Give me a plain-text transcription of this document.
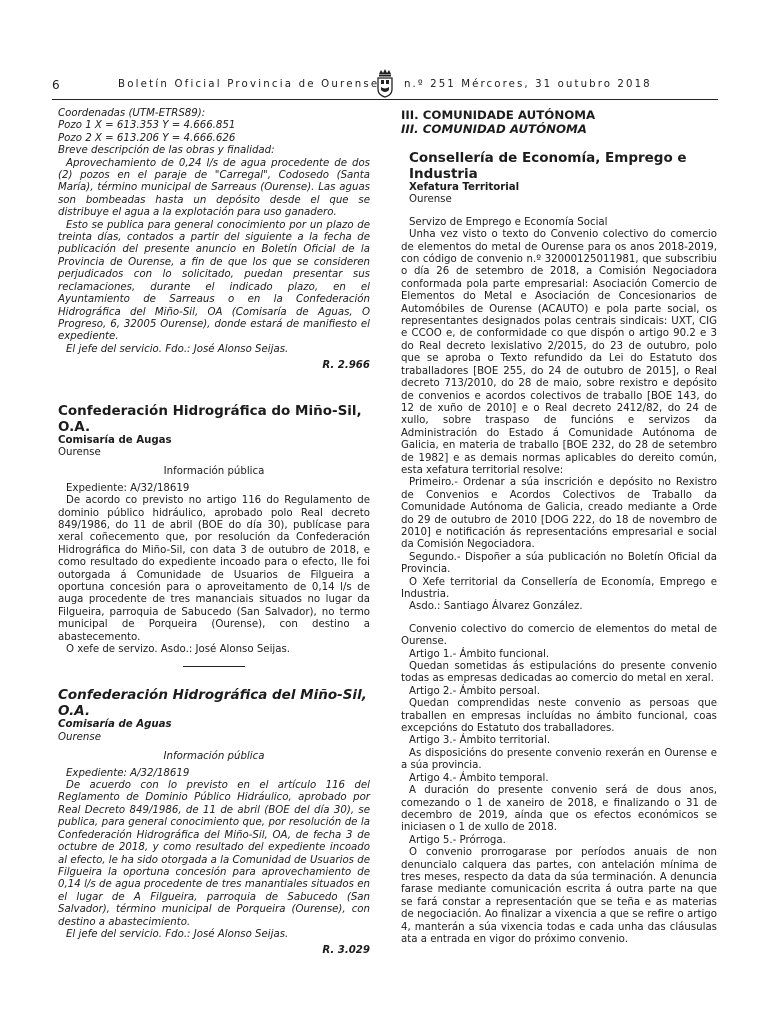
6	Boletín Oficial Provincia de Ourense n.º 251 Mércores, 31 outubro 2018

Coordenadas (UTM-ETRS89):

Pozo 1 X = 613.353 Y = 4.666.851

Pozo 2 X = 613.206 Y = 4.666.626

Breve descripción de las obras y finalidad:

Aprovechamiento de 0,24 l/s de agua procedente de dos (2) pozos en el paraje de "Carregal", Codosedo (Santa María), término municipal de Sarreaus (Ourense). Las aguas son bombeadas hasta un depósito desde el que se distribuye el agua a la explotación para uso ganadero.

Esto se publica para general conocimiento por un plazo de treinta días, contados a partir del siguiente a la fecha de publicación del presente anuncio en Boletín Oficial de la Provincia de Ourense, a fin de que los que se consideren perjudicados con lo solicitado, puedan presentar sus reclamaciones, durante el indicado plazo, en el Ayuntamiento de Sarreaus o en la Confederación Hidrográfica del Miño-Sil, OA (Comisaría de Aguas, O Progreso, 6, 32005 Ourense), donde estará de manifiesto el expediente.

El jefe del servicio. Fdo.: José Alonso Seijas.

R. 2.966

Confederación Hidrográfica do Miño-Sil, O.A.

Comisaría de Augas

Ourense

Información pública

Expediente: A/32/18619

De acordo co previsto no artigo 116 do Regulamento de dominio público hidráulico, aprobado polo Real decreto 849/1986, do 11 de abril (BOE do día 30), publícase para xeral coñecemento que, por resolución da Confederación Hidrográfica do Miño-Sil, con data 3 de outubro de 2018, e como resultado do expediente incoado para o efecto, lle foi outorgada á Comunidade de Usuarios de Filgueira a oportuna concesión para o aproveitamento de 0,14 l/s de auga procedente de tres mananciais situados no lugar da Filgueira, parroquia de Sabucedo (San Salvador), no termo municipal de Porqueira (Ourense), con destino a abastecemento.

O xefe de servizo. Asdo.: José Alonso Seijas.

Confederación Hidrográfica del Miño-Sil, O.A.

Comisaría de Aguas

Ourense

Información pública

Expediente: A/32/18619

De acuerdo con lo previsto en el artículo 116 del Reglamento de Dominio Público Hidráulico, aprobado por Real Decreto 849/1986, de 11 de abril (BOE del día 30), se publica, para general conocimiento que, por resolución de la Confederación Hidrográfica del Miño-Sil, OA, de fecha 3 de octubre de 2018, y como resultado del expediente incoado al efecto, le ha sido otorgada a la Comunidad de Usuarios de Filgueira la oportuna concesión para aprovechamiento de 0,14 l/s de agua procedente de tres manantiales situados en el lugar de A Filgueira, parroquia de Sabucedo (San Salvador), término municipal de Porqueira (Ourense), con destino a abastecimiento.

El jefe del servicio. Fdo.: José Alonso Seijas.

R. 3.029

III. COMUNIDADE AUTÓNOMA

III. COMUNIDAD AUTÓNOMA

Consellería de Economía, Emprego e Industria

Xefatura Territorial

Ourense

Servizo de Emprego e Economía Social

Unha vez visto o texto do Convenio colectivo do comercio de elementos do metal de Ourense para os anos 2018-2019, con código de convenio n.º 32000125011981, que subscribiu o día 26 de setembro de 2018, a Comisión Negociadora conformada pola parte empresarial: Asociación Comercio de Elementos do Metal e Asociación de Concesionarios de Automóbiles de Ourense (ACAUTO) e pola parte social, os representantes designados polas centrais sindicais: UXT, CIG e CCOO e, de conformidade co que dispón o artigo 90.2 e 3 do Real decreto lexislativo 2/2015, do 23 de outubro, polo que se aproba o Texto refundido da Lei do Estatuto dos traballadores [BOE 255, do 24 de outubro de 2015], o Real decreto 713/2010, do 28 de maio, sobre rexistro e depósito de convenios e acordos colectivos de traballo [BOE 143, do 12 de xuño de 2010] e o Real decreto 2412/82, do 24 de xullo, sobre traspaso de funcións e servizos da Administración do Estado á Comunidade Autónoma de Galicia, en materia de traballo [BOE 232, do 28 de setembro de 1982] e as demais normas aplicables do dereito común, esta xefatura territorial resolve:

Primeiro.- Ordenar a súa inscrición e depósito no Rexistro de Convenios e Acordos Colectivos de Traballo da Comunidade Autónoma de Galicia, creado mediante a Orde do 29 de outubro de 2010 [DOG 222, do 18 de novembro de 2010] e notificación ás representacións empresarial e social da Comisión Negociadora.

Segundo.- Dispoñer a súa publicación no Boletín Oficial da Provincia.

O Xefe territorial da Consellería de Economía, Emprego e Industria.

Asdo.: Santiago Álvarez González.

Convenio colectivo do comercio de elementos do metal de Ourense.

Artigo 1.- Ámbito funcional.

Quedan sometidas ás estipulacións do presente convenio todas as empresas dedicadas ao comercio do metal en xeral.

Artigo 2.- Ámbito persoal.

Quedan comprendidas neste convenio as persoas que traballen en empresas incluídas no ámbito funcional, coas excepcións do Estatuto dos traballadores.

Artigo 3.- Ámbito territorial.

As disposicións do presente convenio rexerán en Ourense e a súa provincia.

Artigo 4.- Ámbito temporal.

A duración do presente convenio será de dous anos, comezando o 1 de xaneiro de 2018, e finalizando o 31 de decembro de 2019, aínda que os efectos económicos se iniciasen o 1 de xullo de 2018.

Artigo 5.- Prórroga.

O convenio prorrogarase por períodos anuais de non denuncialo calquera das partes, con antelación mínima de tres meses, respecto da data da súa terminación. A denuncia farase mediante comunicación escrita á outra parte na que se fará constar a representación que se teña e as materias de negociación. Ao finalizar a vixencia a que se refire o artigo 4, manterán a súa vixencia todas e cada unha das cláusulas ata a entrada en vigor do próximo convenio.
